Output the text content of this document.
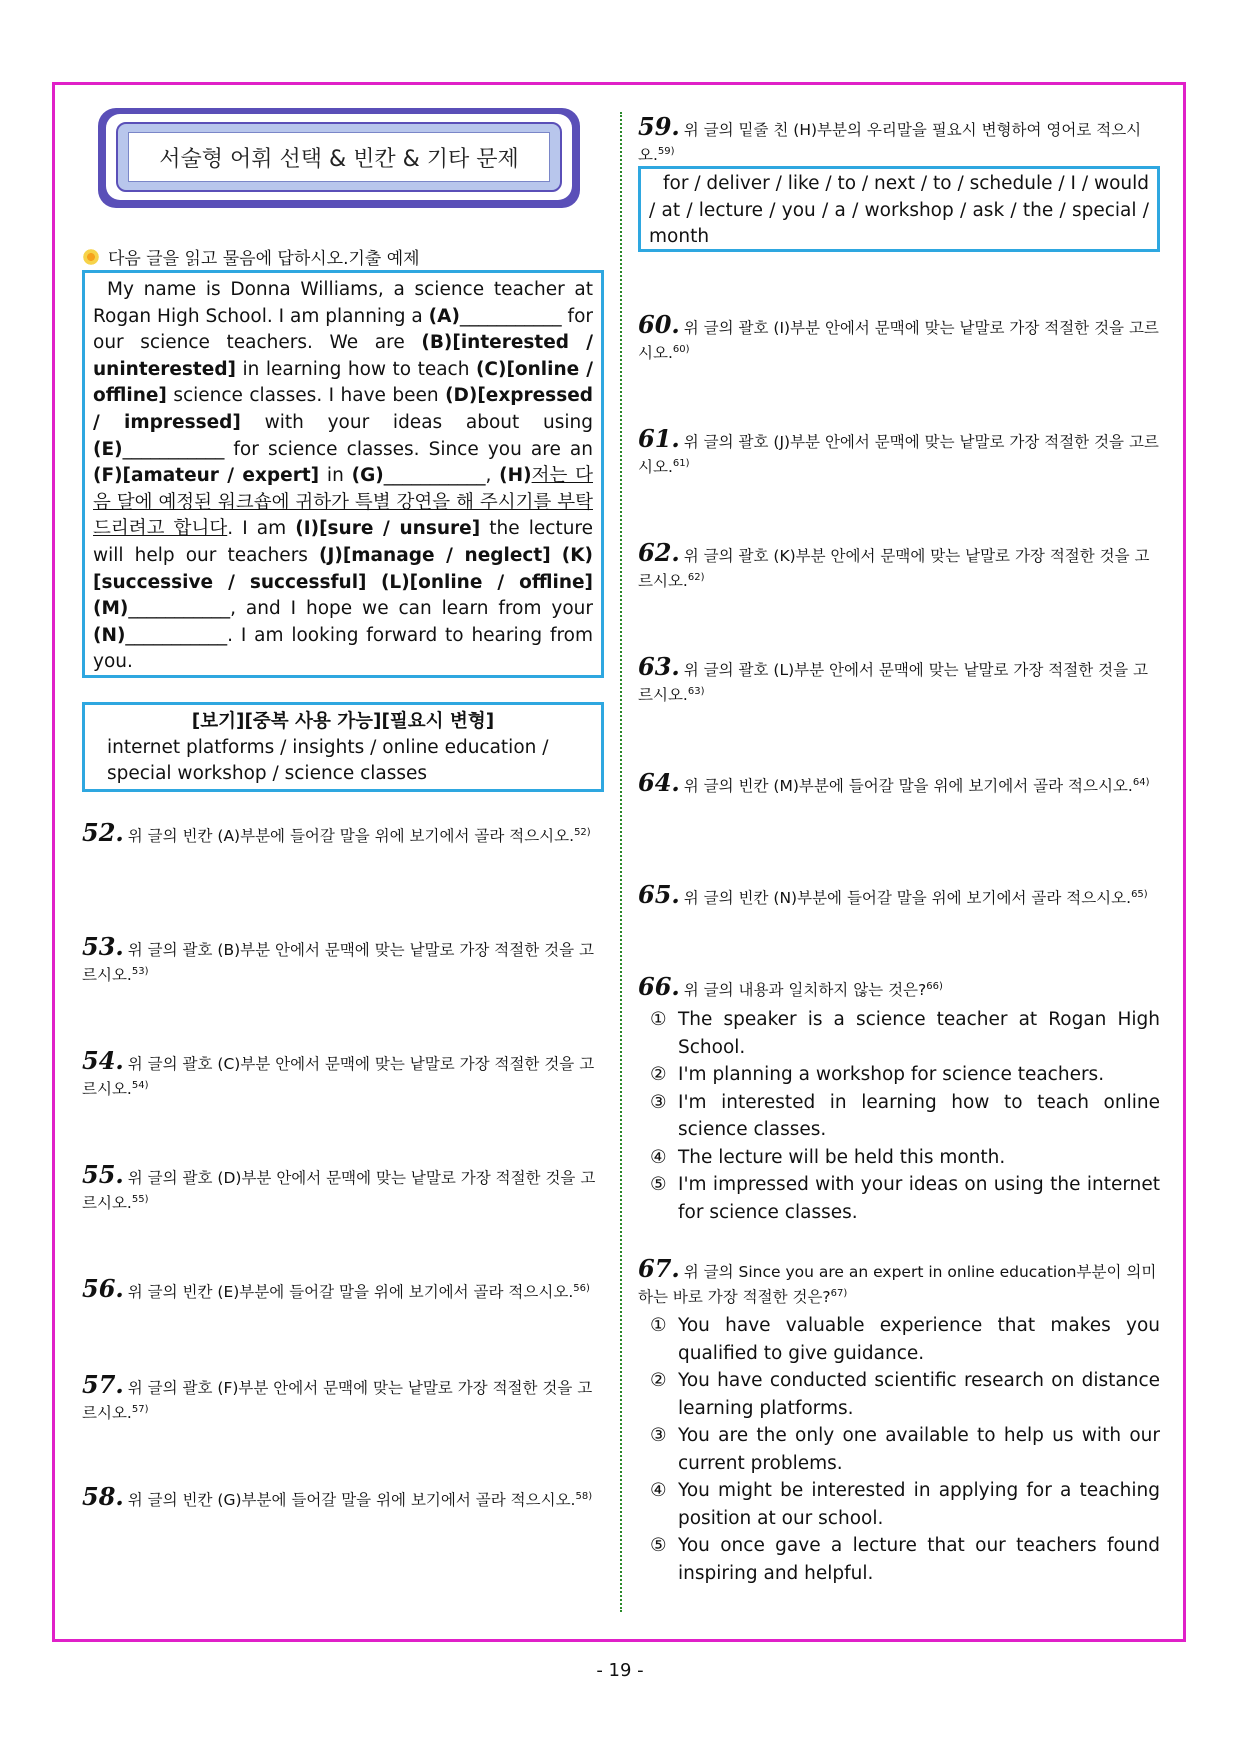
서술형 어휘 선택 & 빈칸 & 기타 문제
다음 글을 읽고 물음에 답하시오.기출 예제
My name is Donna Williams, a science teacher at Rogan High School. I am planning a (A)___________ for our science teachers. We are (B)[interested / uninterested] in learning how to teach (C)[online / offline] science classes. I have been (D)[expressed / impressed] with your ideas about using (E)___________ for science classes. Since you are an (F)[amateur / expert] in (G)___________, (H)저는 다음 달에 예정된 워크숍에 귀하가 특별 강연을 해 주시기를 부탁드리려고 합니다. I am (I)[sure / unsure] the lecture will help our teachers (J)[manage / neglect] (K)[successive / successful] (L)[online / offline] (M)___________, and I hope we can learn from your (N)___________. I am looking forward to hearing from you.
[보기][중복 사용 가능][필요시 변형]
internet platforms / insights / online education / special workshop / science classes
52. 위 글의 빈칸 (A)부분에 들어갈 말을 위에 보기에서 골라 적으시오.$^{52)}$
53. 위 글의 괄호 (B)부분 안에서 문맥에 맞는 낱말로 가장 적절한 것을 고르시오.$^{53)}$
54. 위 글의 괄호 (C)부분 안에서 문맥에 맞는 낱말로 가장 적절한 것을 고르시오.$^{54)}$
55. 위 글의 괄호 (D)부분 안에서 문맥에 맞는 낱말로 가장 적절한 것을 고르시오.$^{55)}$
56. 위 글의 빈칸 (E)부분에 들어갈 말을 위에 보기에서 골라 적으시오.$^{56)}$
57. 위 글의 괄호 (F)부분 안에서 문맥에 맞는 낱말로 가장 적절한 것을 고르시오.$^{57)}$
58. 위 글의 빈칸 (G)부분에 들어갈 말을 위에 보기에서 골라 적으시오.$^{58)}$
59. 위 글의 밑줄 친 (H)부분의 우리말을 필요시 변형하여 영어로 적으시오.$^{59)}$
for / deliver / like / to / next / to / schedule / I / would / at / lecture / you / a / workshop / ask / the / special / month
60. 위 글의 괄호 (I)부분 안에서 문맥에 맞는 낱말로 가장 적절한 것을 고르시오.$^{60)}$
61. 위 글의 괄호 (J)부분 안에서 문맥에 맞는 낱말로 가장 적절한 것을 고르시오.$^{61)}$
62. 위 글의 괄호 (K)부분 안에서 문맥에 맞는 낱말로 가장 적절한 것을 고르시오.$^{62)}$
63. 위 글의 괄호 (L)부분 안에서 문맥에 맞는 낱말로 가장 적절한 것을 고르시오.$^{63)}$
64. 위 글의 빈칸 (M)부분에 들어갈 말을 위에 보기에서 골라 적으시오.$^{64)}$
65. 위 글의 빈칸 (N)부분에 들어갈 말을 위에 보기에서 골라 적으시오.$^{65)}$
66. 위 글의 내용과 일치하지 않는 것은?$^{66)}$
① The speaker is a science teacher at Rogan High School.
② I'm planning a workshop for science teachers.
③ I'm interested in learning how to teach online science classes.
④ The lecture will be held this month.
⑤ I'm impressed with your ideas on using the internet for science classes.
67. 위 글의 Since you are an expert in online education부분이 의미하는 바로 가장 적절한 것은?$^{67)}$
① You have valuable experience that makes you qualified to give guidance.
② You have conducted scientific research on distance learning platforms.
③ You are the only one available to help us with our current problems.
④ You might be interested in applying for a teaching position at our school.
⑤ You once gave a lecture that our teachers found inspiring and helpful.
- 19 -
